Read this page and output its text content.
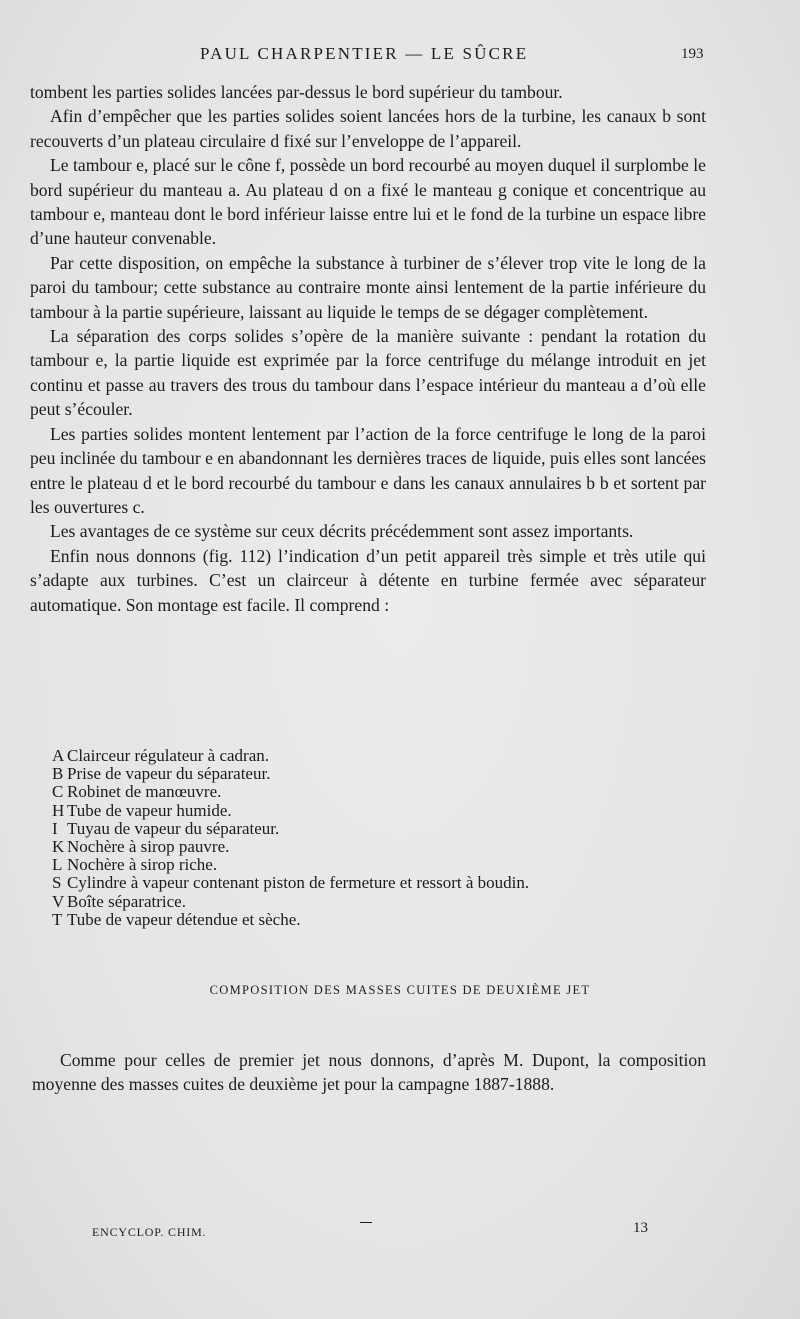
PAUL CHARPENTIER — LE SÛCRE	193

tombent les parties solides lancées par-dessus le bord supérieur du tambour.

Afin d’empêcher que les parties solides soient lancées hors de la turbine, les canaux b sont recouverts d’un plateau circulaire d fixé sur l’enveloppe de l’appareil.

Le tambour e, placé sur le cône f, possède un bord recourbé au moyen duquel il surplombe le bord supérieur du manteau a. Au plateau d on a fixé le manteau g conique et concentrique au tambour e, manteau dont le bord inférieur laisse entre lui et le fond de la turbine un espace libre d’une hauteur convenable.

Par cette disposition, on empêche la substance à turbiner de s’élever trop vite le long de la paroi du tambour; cette substance au contraire monte ainsi lentement de la partie inférieure du tambour à la partie supérieure, laissant au liquide le temps de se dégager complètement.

La séparation des corps solides s’opère de la manière suivante : pendant la rotation du tambour e, la partie liquide est exprimée par la force centrifuge du mélange introduit en jet continu et passe au travers des trous du tambour dans l’espace intérieur du manteau a d’où elle peut s’écouler.

Les parties solides montent lentement par l’action de la force centrifuge le long de la paroi peu inclinée du tambour e en abandonnant les dernières traces de liquide, puis elles sont lancées entre le plateau d et le bord recourbé du tambour e dans les canaux annulaires b b et sortent par les ouvertures c.

Les avantages de ce système sur ceux décrits précédemment sont assez importants.

Enfin nous donnons (fig. 112) l’indication d’un petit appareil très simple et très utile qui s’adapte aux turbines. C’est un clairceur à détente en turbine fermée avec séparateur automatique. Son montage est facile. Il comprend :

A Clairceur régulateur à cadran.
B Prise de vapeur du séparateur.
C Robinet de manœuvre.
H Tube de vapeur humide.
I Tuyau de vapeur du séparateur.
K Nochère à sirop pauvre.
L Nochère à sirop riche.
S Cylindre à vapeur contenant piston de fermeture et ressort à boudin.
V Boîte séparatrice.
T Tube de vapeur détendue et sèche.
COMPOSITION DES MASSES CUITES DE DEUXIÈME JET

Comme pour celles de premier jet nous donnons, d’après M. Dupont, la composition moyenne des masses cuites de deuxième jet pour la campagne 1887-1888.

ENCYCLOP. CHIM.	13
